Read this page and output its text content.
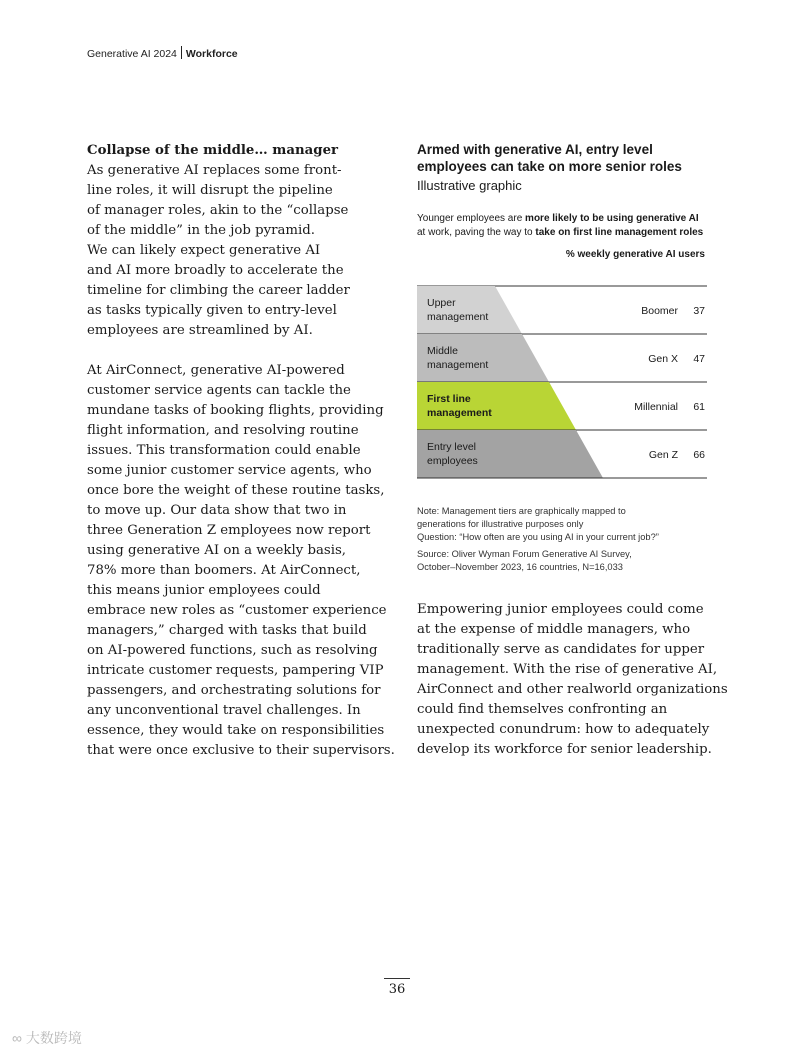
Generative AI 2024 Workforce
Collapse of the middle… manager

As generative AI replaces some front-
line roles, it will disrupt the pipeline
of manager roles, akin to the “collapse
of the middle” in the job pyramid.
We can likely expect generative AI
and AI more broadly to accelerate the
timeline for climbing the career ladder
as tasks typically given to entry-level
employees are streamlined by AI.

At AirConnect, generative AI-powered
customer service agents can tackle the
mundane tasks of booking flights, providing
flight information, and resolving routine
issues. This transformation could enable
some junior customer service agents, who
once bore the weight of these routine tasks,
to move up. Our data show that two in
three Generation Z employees now report
using generative AI on a weekly basis,
78% more than boomers. At AirConnect,
this means junior employees could
embrace new roles as “customer experience
managers,” charged with tasks that build
on AI-powered functions, such as resolving
intricate customer requests, pampering VIP
passengers, and orchestrating solutions for
any unconventional travel challenges. In
essence, they would take on responsibilities
that were once exclusive to their supervisors.

Armed with generative AI, entry level employees can take on more senior roles
Illustrative graphic
Younger employees are more likely to be using generative AI at work, paving the way to take on first line management roles
% weekly generative AI users
Upper
management	Boomer 37
Middle
management	Gen X 47
First line
management	Millennial 61
Entry level
employees	Gen Z 66
Note: Management tiers are graphically mapped to
generations for illustrative purposes only
Question: “How often are you using AI in your current job?”
Source: Oliver Wyman Forum Generative AI Survey,
October–November 2023, 16 countries, N=16,033

Empowering junior employees could come
at the expense of middle managers, who
traditionally serve as candidates for upper
management. With the rise of generative AI,
AirConnect and other realworld organizations
could find themselves confronting an
unexpected conundrum: how to adequately
develop its workforce for senior leadership.

36
∞ 大数跨境
